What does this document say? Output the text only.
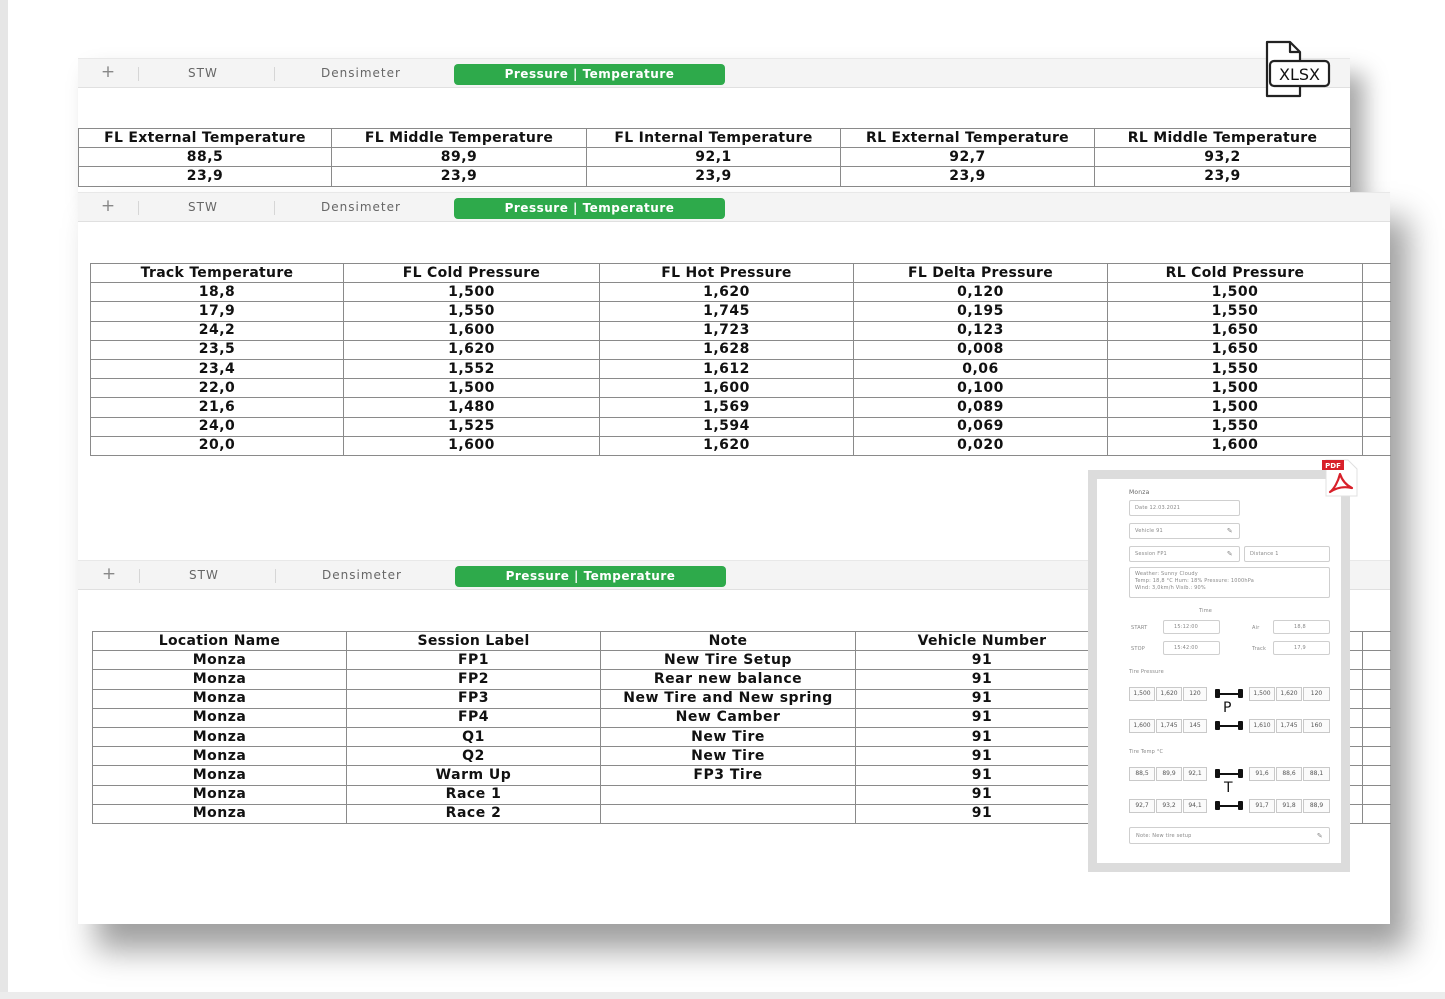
+	STW	Densimeter	Pressure | Temperature
FL External Temperature	FL Middle Temperature	FL Internal Temperature	RL External Temperature	RL Middle Temperature
88,5	89,9	92,1	92,7	93,2
23,9	23,9	23,9	23,9	23,9
+	STW	Densimeter	Pressure | Temperature
Track Temperature	FL Cold Pressure	FL Hot Pressure	FL Delta Pressure	RL Cold Pressure	
18,8	1,500	1,620	0,120	1,500	
17,9	1,550	1,745	0,195	1,550	
24,2	1,600	1,723	0,123	1,650	
23,5	1,620	1,628	0,008	1,650	
23,4	1,552	1,612	0,06	1,550	
22,0	1,500	1,600	0,100	1,500	
21,6	1,480	1,569	0,089	1,500	
24,0	1,525	1,594	0,069	1,550	
20,0	1,600	1,620	0,020	1,600	
+	STW	Densimeter	Pressure | Temperature
Location Name	Session Label	Note	Vehicle Number		
Monza	FP1	New Tire Setup	91		
Monza	FP2	Rear new balance	91		
Monza	FP3	New Tire and New spring	91		
Monza	FP4	New Camber	91		
Monza	Q1	New Tire	91		
Monza	Q2	New Tire	91		
Monza	Warm Up	FP3 Tire	91		
Monza	Race 1		91		
Monza	Race 2		91		
XLSX
Monza
Date 12.03.2021
Vehicle 91	✎
Session FP1	✎	Distance 1
Weather: Sunny Cloudy
Temp: 18,8 °C Hum: 18% Pressure: 1000hPa
Wind: 3,0km/h Visib.: 90%
Time
START	15:12:00
STOP	15:42:00
Air	18,8
Track	17,9
Tire Pressure
1,500	1,620	120	1,500	1,620	120
1,600	1,745	145	1,610	1,745	160
P
Tire Temp °C
88,5	89,9	92,1	91,6	88,6	88,1
92,7	93,2	94,1	91,7	91,8	88,9
T
Note: New tire setup	✎
PDF
